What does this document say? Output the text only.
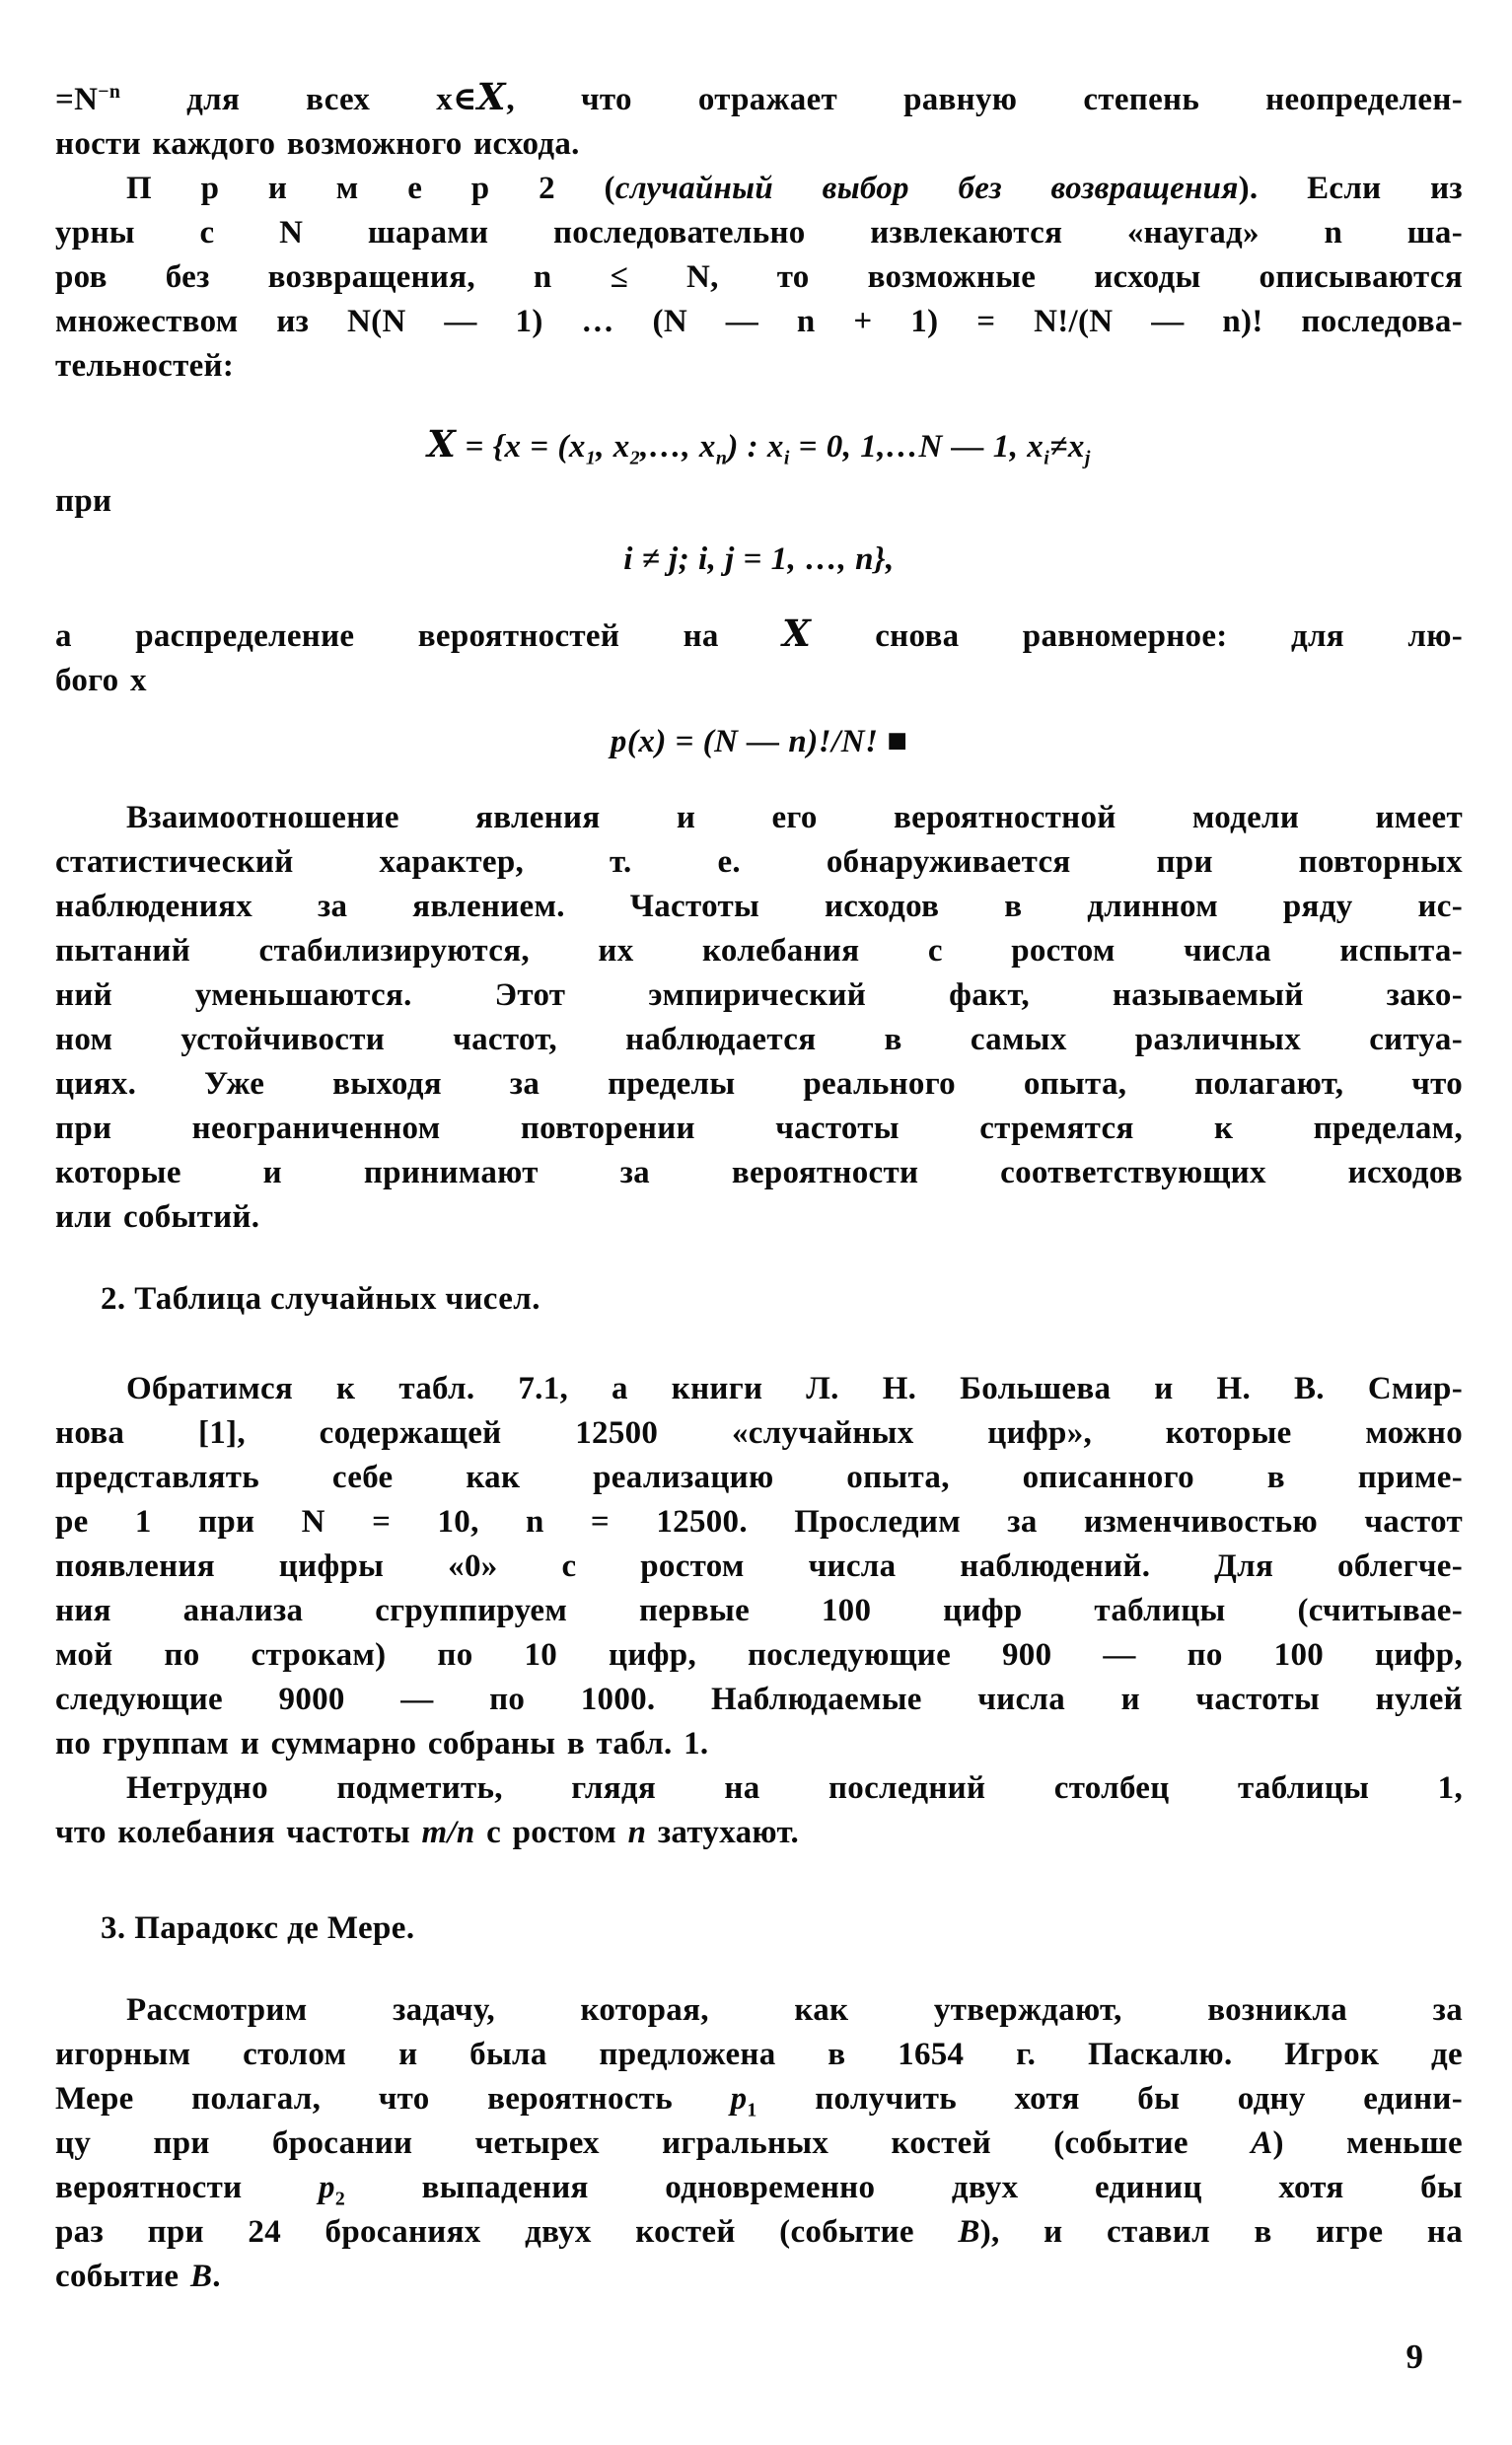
$=N^{-n}$ для всех x∈X, что отражает равную степень неопределен-
ности каждого возможного исхода.
П р и м е р 2 (случайный выбор без возвращения). Если из
урны с N шарами последовательно извлекаются «наугад» n ша-
ров без возвращения, n ≤ N, то возможные исходы описываются
множеством из N(N — 1) … (N — n + 1) = N!/(N — n)! последова-
тельностей:
$X = \{x = (x_1$, $x_2,\dots$, $x_n$) : $x_i = 0$, 1,…N — 1, $x_i\ne x_j$
при
i ≠ j; i, j = 1, …, n},
а распределение вероятностей на X снова равномерное: для лю-
бого x
p(x) = (N — n)!/N! ■
Взаимоотношение явления и его вероятностной модели имеет
статистический характер, т. е. обнаруживается при повторных
наблюдениях за явлением. Частоты исходов в длинном ряду ис-
пытаний стабилизируются, их колебания с ростом числа испыта-
ний уменьшаются. Этот эмпирический факт, называемый зако-
ном устойчивости частот, наблюдается в самых различных ситуа-
циях. Уже выходя за пределы реального опыта, полагают, что
при неограниченном повторении частоты стремятся к пределам,
которые и принимают за вероятности соответствующих исходов
или событий.
2. Таблица случайных чисел.
Обратимся к табл. 7.1, а книги Л. Н. Большева и Н. В. Смир-
нова [1], содержащей 12500 «случайных цифр», которые можно
представлять себе как реализацию опыта, описанного в приме-
ре 1 при N = 10, n = 12500. Проследим за изменчивостью частот
появления цифры «0» с ростом числа наблюдений. Для облегче-
ния анализа сгруппируем первые 100 цифр таблицы (считывае-
мой по строкам) по 10 цифр, последующие 900 — по 100 цифр,
следующие 9000 — по 1000. Наблюдаемые числа и частоты нулей
по группам и суммарно собраны в табл. 1.
Нетрудно подметить, глядя на последний столбец таблицы 1,
что колебания частоты m/n с ростом n затухают.
3. Парадокс де Мере.
Рассмотрим задачу, которая, как утверждают, возникла за
игорным столом и была предложена в 1654 г. Паскалю. Игрок де
Мере полагал, что вероятность $p_1$ получить хотя бы одну едини-
цу при бросании четырех игральных костей (событие A) меньше
вероятности $p_2$ выпадения одновременно двух единиц хотя бы
раз при 24 бросаниях двух костей (событие B), и ставил в игре на
событие B.
9
